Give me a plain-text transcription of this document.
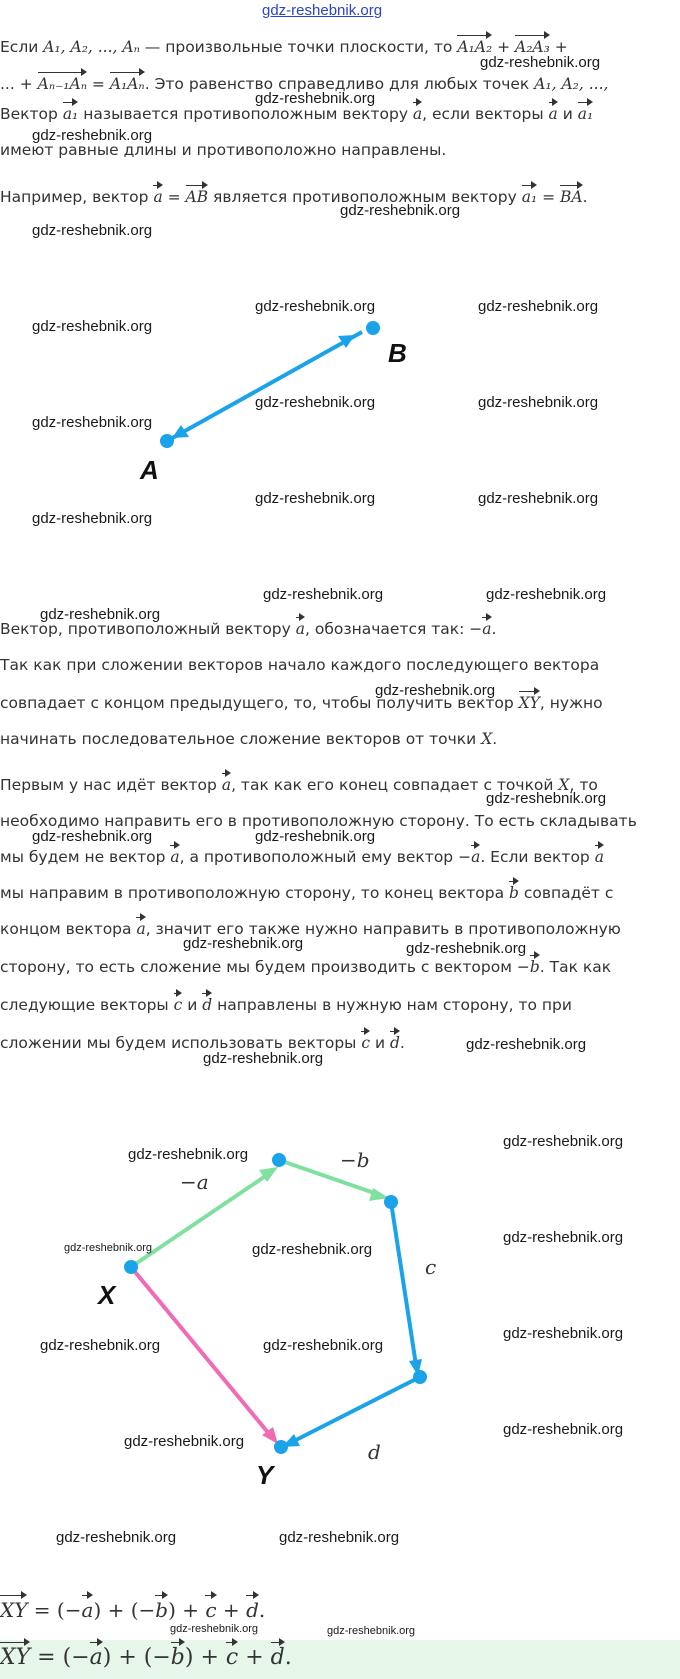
gdz-reshebnik.org
Если A₁, A₂, ..., Aₙ — произвольные точки плоскости, то A₁A₂ + A₂A₃ +
gdz-reshebnik.org
... + Aₙ₋₁Aₙ = A₁Aₙ. Это равенство справедливо для любых точек A₁, A₂, ...,
gdz-reshebnik.org
Вектор a₁ называется противоположным вектору a, если векторы a и a₁
gdz-reshebnik.org
имеют равные длины и противоположно направлены.
Например, вектор a = AB является противоположным вектору a₁ = BA.
gdz-reshebnik.org
gdz-reshebnik.org
B
A
gdz-reshebnik.org	gdz-reshebnik.org
gdz-reshebnik.org
gdz-reshebnik.org	gdz-reshebnik.org
gdz-reshebnik.org
gdz-reshebnik.org	gdz-reshebnik.org
gdz-reshebnik.org
gdz-reshebnik.org	gdz-reshebnik.org
gdz-reshebnik.org
Вектор, противоположный вектору a, обозначается так: −a.
Так как при сложении векторов начало каждого последующего вектора
gdz-reshebnik.org
совпадает с концом предыдущего, то, чтобы получить вектор XY, нужно
начинать последовательное сложение векторов от точки X.
Первым у нас идёт вектор a, так как его конец совпадает с точкой X, то
gdz-reshebnik.org
необходимо направить его в противоположную сторону. То есть складывать
gdz-reshebnik.org	gdz-reshebnik.org
мы будем не вектор a, а противоположный ему вектор −a. Если вектор a
мы направим в противоположную сторону, то конец вектора b совпадёт с
концом вектора a, значит его также нужно направить в противоположную
gdz-reshebnik.org	gdz-reshebnik.org
сторону, то есть сложение мы будем производить с вектором −b. Так как
следующие векторы c и d направлены в нужную нам сторону, то при
сложении мы будем использовать векторы c и d.	gdz-reshebnik.org
gdz-reshebnik.org
−a
−b
c
d
X
Y
gdz-reshebnik.org
gdz-reshebnik.org
gdz-reshebnik.org	gdz-reshebnik.org
gdz-reshebnik.org
gdz-reshebnik.org	gdz-reshebnik.org
gdz-reshebnik.org
gdz-reshebnik.org
gdz-reshebnik.org
gdz-reshebnik.org	gdz-reshebnik.org
XY = (−a) + (−b) + c + d.
gdz-reshebnik.org	gdz-reshebnik.org
XY = (−a) + (−b) + c + d.
